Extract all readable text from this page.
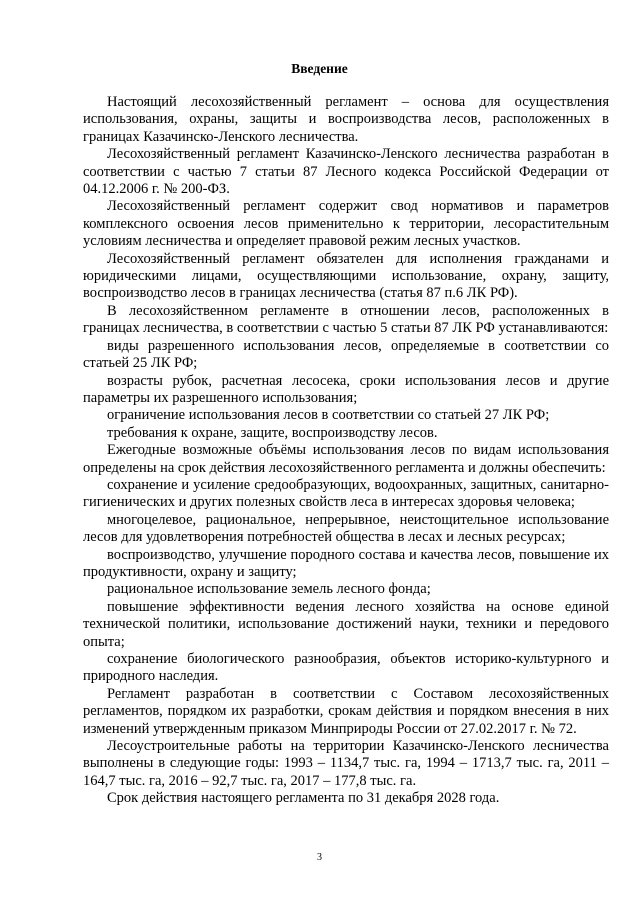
Введение

Настоящий лесохозяйственный регламент – основа для осуществления использования, охраны, защиты и воспроизводства лесов, расположенных в границах Казачинско-Ленского лесничества.

Лесохозяйственный регламент Казачинско-Ленского лесничества разработан в соответствии с частью 7 статьи 87 Лесного кодекса Российской Федерации от 04.12.2006 г. № 200-ФЗ.

Лесохозяйственный регламент содержит свод нормативов и параметров комплексного освоения лесов применительно к территории, лесорастительным условиям лесничества и определяет правовой режим лесных участков.

Лесохозяйственный регламент обязателен для исполнения гражданами и юридическими лицами, осуществляющими использование, охрану, защиту, воспроизводство лесов в границах лесничества (статья 87 п.6 ЛК РФ).

В лесохозяйственном регламенте в отношении лесов, расположенных в границах лесничества, в соответствии с частью 5 статьи 87 ЛК РФ устанавливаются:

виды разрешенного использования лесов, определяемые в соответствии со статьей 25 ЛК РФ;

возрасты рубок, расчетная лесосека, сроки использования лесов и другие параметры их разрешенного использования;

ограничение использования лесов в соответствии со статьей 27 ЛК РФ;

требования к охране, защите, воспроизводству лесов.

Ежегодные возможные объёмы использования лесов по видам использования определены на срок действия лесохозяйственного регламента и должны обеспечить:

сохранение и усиление средообразующих, водоохранных, защитных, санитарно-гигиенических и других полезных свойств леса в интересах здоровья человека;

многоцелевое, рациональное, непрерывное, неистощительное использование лесов для удовлетворения потребностей общества в лесах и лесных ресурсах;

воспроизводство, улучшение породного состава и качества лесов, повышение их продуктивности, охрану и защиту;

рациональное использование земель лесного фонда;

повышение эффективности ведения лесного хозяйства на основе единой технической политики, использование достижений науки, техники и передового опыта;

сохранение биологического разнообразия, объектов историко-культурного и природного наследия.

Регламент разработан в соответствии с Составом лесохозяйственных регламентов, порядком их разработки, срокам действия и порядком внесения в них изменений утвержденным приказом Минприроды России от 27.02.2017 г. № 72.

Лесоустроительные работы на территории Казачинско-Ленского лесничества выполнены в следующие годы: 1993 – 1134,7 тыс. га, 1994 – 1713,7 тыс. га, 2011 – 164,7 тыс. га, 2016 – 92,7 тыс. га, 2017 – 177,8 тыс. га.

Срок действия настоящего регламента по 31 декабря 2028 года.

3
